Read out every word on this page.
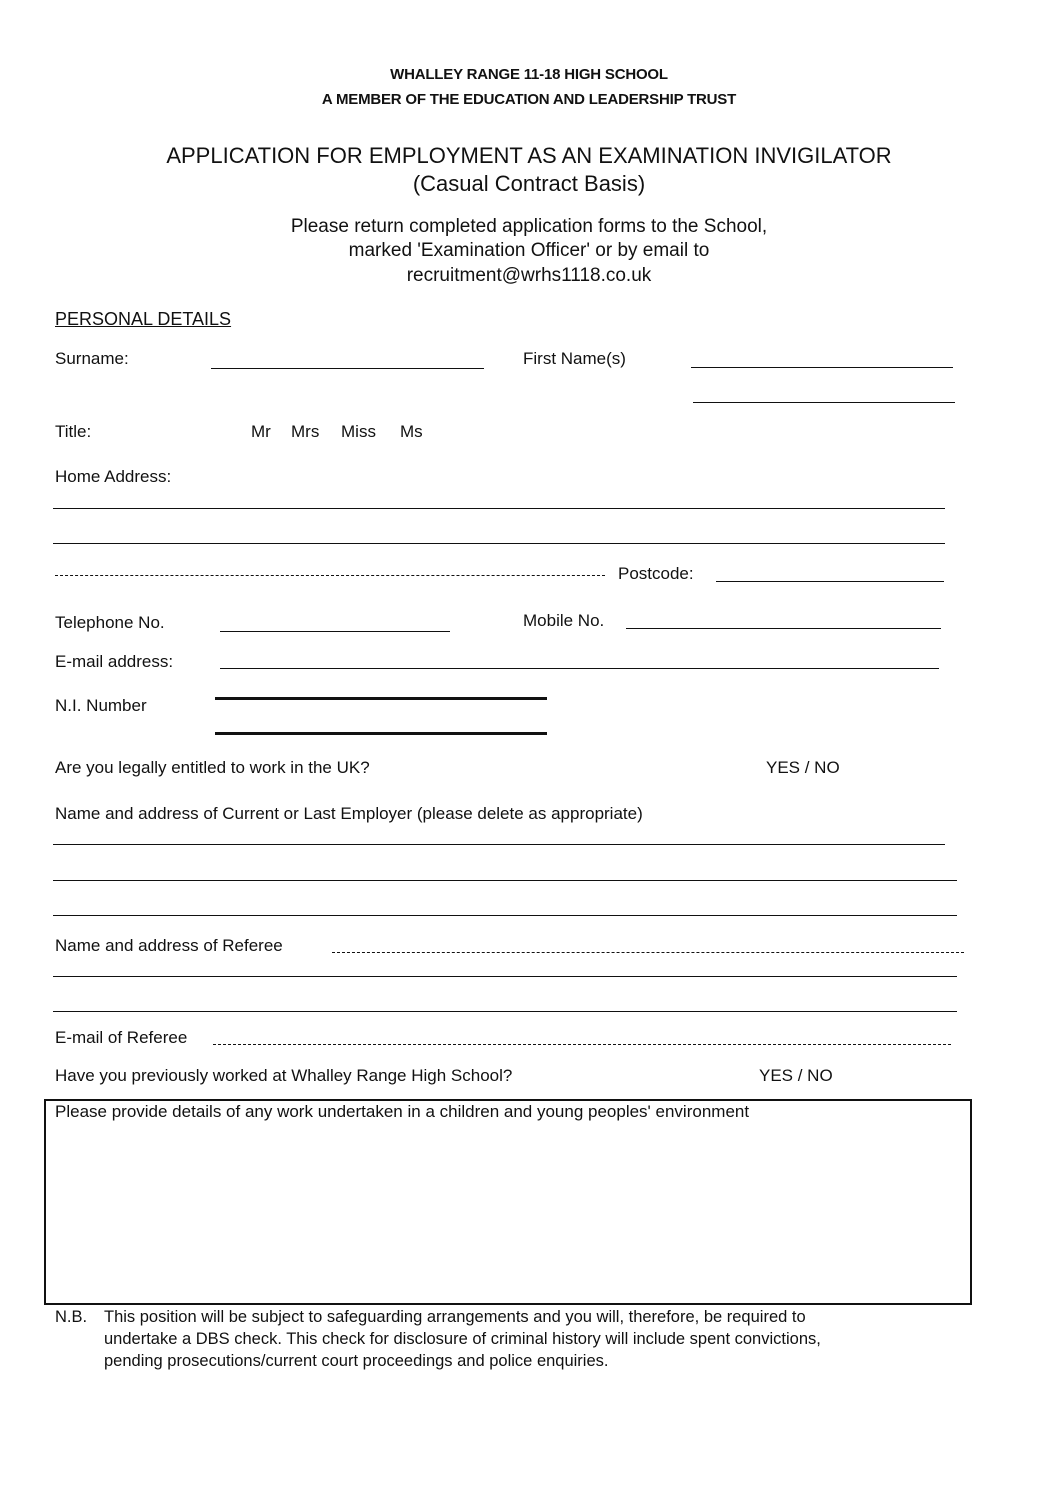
WHALLEY RANGE 11-18 HIGH SCHOOL
A MEMBER OF THE EDUCATION AND LEADERSHIP TRUST
APPLICATION FOR EMPLOYMENT AS AN EXAMINATION INVIGILATOR
(Casual Contract Basis)
Please return completed application forms to the School,
marked 'Examination Officer' or by email to
recruitment@wrhs1118.co.uk
PERSONAL DETAILS
Surname:	First Name(s)
Title:	Mr Mrs Miss Ms
Home Address:
Postcode:
Telephone No.	Mobile No.
E-mail address:
N.I. Number
Are you legally entitled to work in the UK?	YES / NO
Name and address of Current or Last Employer (please delete as appropriate)
Name and address of Referee
E-mail of Referee
Have you previously worked at Whalley Range High School?	YES / NO
Please provide details of any work undertaken in a children and young peoples' environment
N.B. This position will be subject to safeguarding arrangements and you will, therefore, be required to
undertake a DBS check. This check for disclosure of criminal history will include spent convictions,
pending prosecutions/current court proceedings and police enquiries.
